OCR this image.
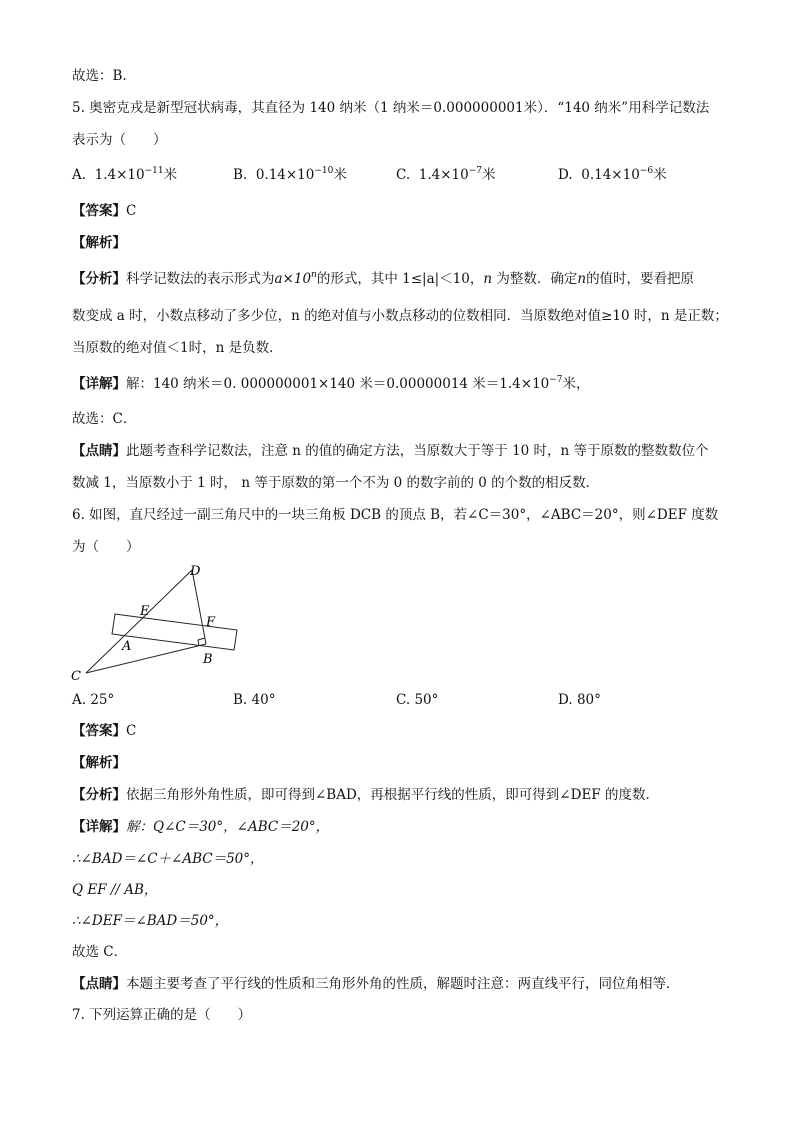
故选：B.
5. 奥密克戎是新型冠状病毒，其直径为 140 纳米（1 纳米＝0.000000001米）．“140 纳米”用科学记数法
表示为（　　）
A. $1.4\times 10^{-11}$米	B. $0.14\times 10^{-10}$米	C. $1.4\times 10^{-7}$米	D. $0.14\times 10^{-6}$米
【答案】C
【解析】
【分析】科学记数法的表示形式为$a\times 10^n$的形式，其中 1≤|a|＜10，n 为整数．确定n的值时，要看把原
数变成 a 时，小数点移动了多少位，n 的绝对值与小数点移动的位数相同．当原数绝对值≥10 时，n 是正数；
当原数的绝对值＜1时，n 是负数．
【详解】解：140 纳米＝0. 000000001×140 米＝0.00000014 米$=1.4\times 10^{-7}$米，
故选：C．
【点睛】此题考查科学记数法，注意 n 的值的确定方法，当原数大于等于 10 时，n 等于原数的整数数位个
数减 1，当原数小于 1 时， n 等于原数的第一个不为 0 的数字前的 0 的个数的相反数．
6. 如图，直尺经过一副三角尺中的一块三角板 DCB 的顶点 B，若∠C＝30°，∠ABC＝20°，则∠DEF 度数
为（　　）
D
E
F
A
B
C
A. 25°	B. 40°	C. 50°	D. 80°
【答案】C
【解析】
【分析】依据三角形外角性质，即可得到∠BAD，再根据平行线的性质，即可得到∠DEF 的度数．
【详解】解：Q∠C＝30°，∠ABC＝20°，
∴∠BAD＝∠C＋∠ABC＝50°，
Q EF // AB，
∴∠DEF＝∠BAD＝50°，
故选 C．
【点睛】本题主要考查了平行线的性质和三角形外角的性质，解题时注意：两直线平行，同位角相等．
7. 下列运算正确的是（　　）
